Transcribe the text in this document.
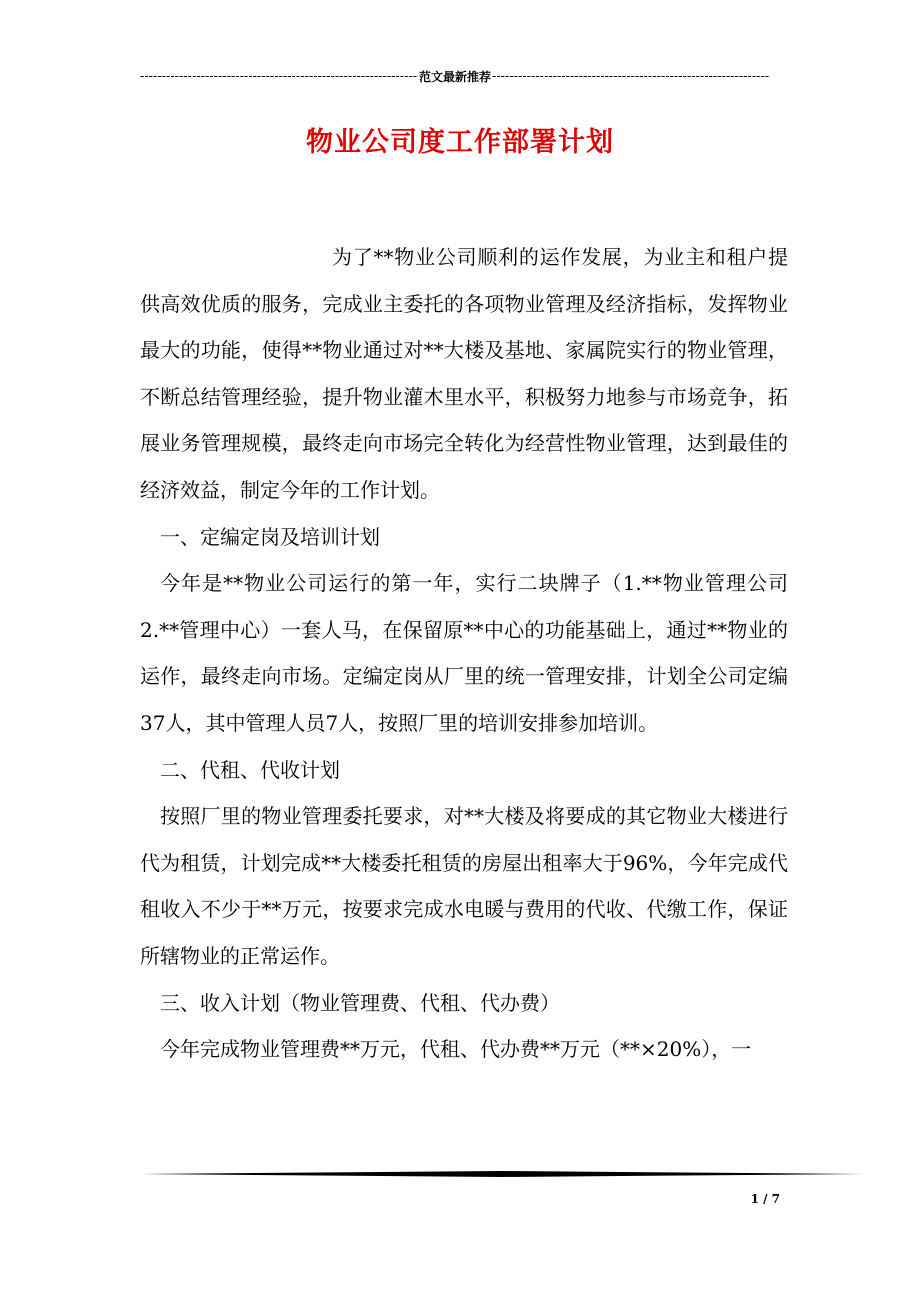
-----
范文最新推荐
-----
物业公司度工作部署计划

为了**物业公司顺利的运作发展，为业主和租户提供高效优质的服务，完成业主委托的各项物业管理及经济指标，发挥物业最大的功能，使得**物业通过对**大楼及基地、家属院实行的物业管理，不断总结管理经验，提升物业灌木里水平，积极努力地参与市场竞争，拓展业务管理规模，最终走向市场完全转化为经营性物业管理，达到最佳的经济效益，制定今年的工作计划。

一、定编定岗及培训计划

今年是**物业公司运行的第一年，实行二块牌子（1.**物业管理公司 2.**管理中心）一套人马，在保留原**中心的功能基础上，通过**物业的运作，最终走向市场。定编定岗从厂里的统一管理安排，计划全公司定编37人，其中管理人员7人，按照厂里的培训安排参加培训。

二、代租、代收计划

按照厂里的物业管理委托要求，对**大楼及将要成的其它物业大楼进行代为租赁，计划完成**大楼委托租赁的房屋出租率大于96%，今年完成代租收入不少于**万元，按要求完成水电暖与费用的代收、代缴工作，保证所辖物业的正常运作。

三、收入计划（物业管理费、代租、代办费）

今年完成物业管理费**万元，代租、代办费**万元（**×20%），一

1 / 7
